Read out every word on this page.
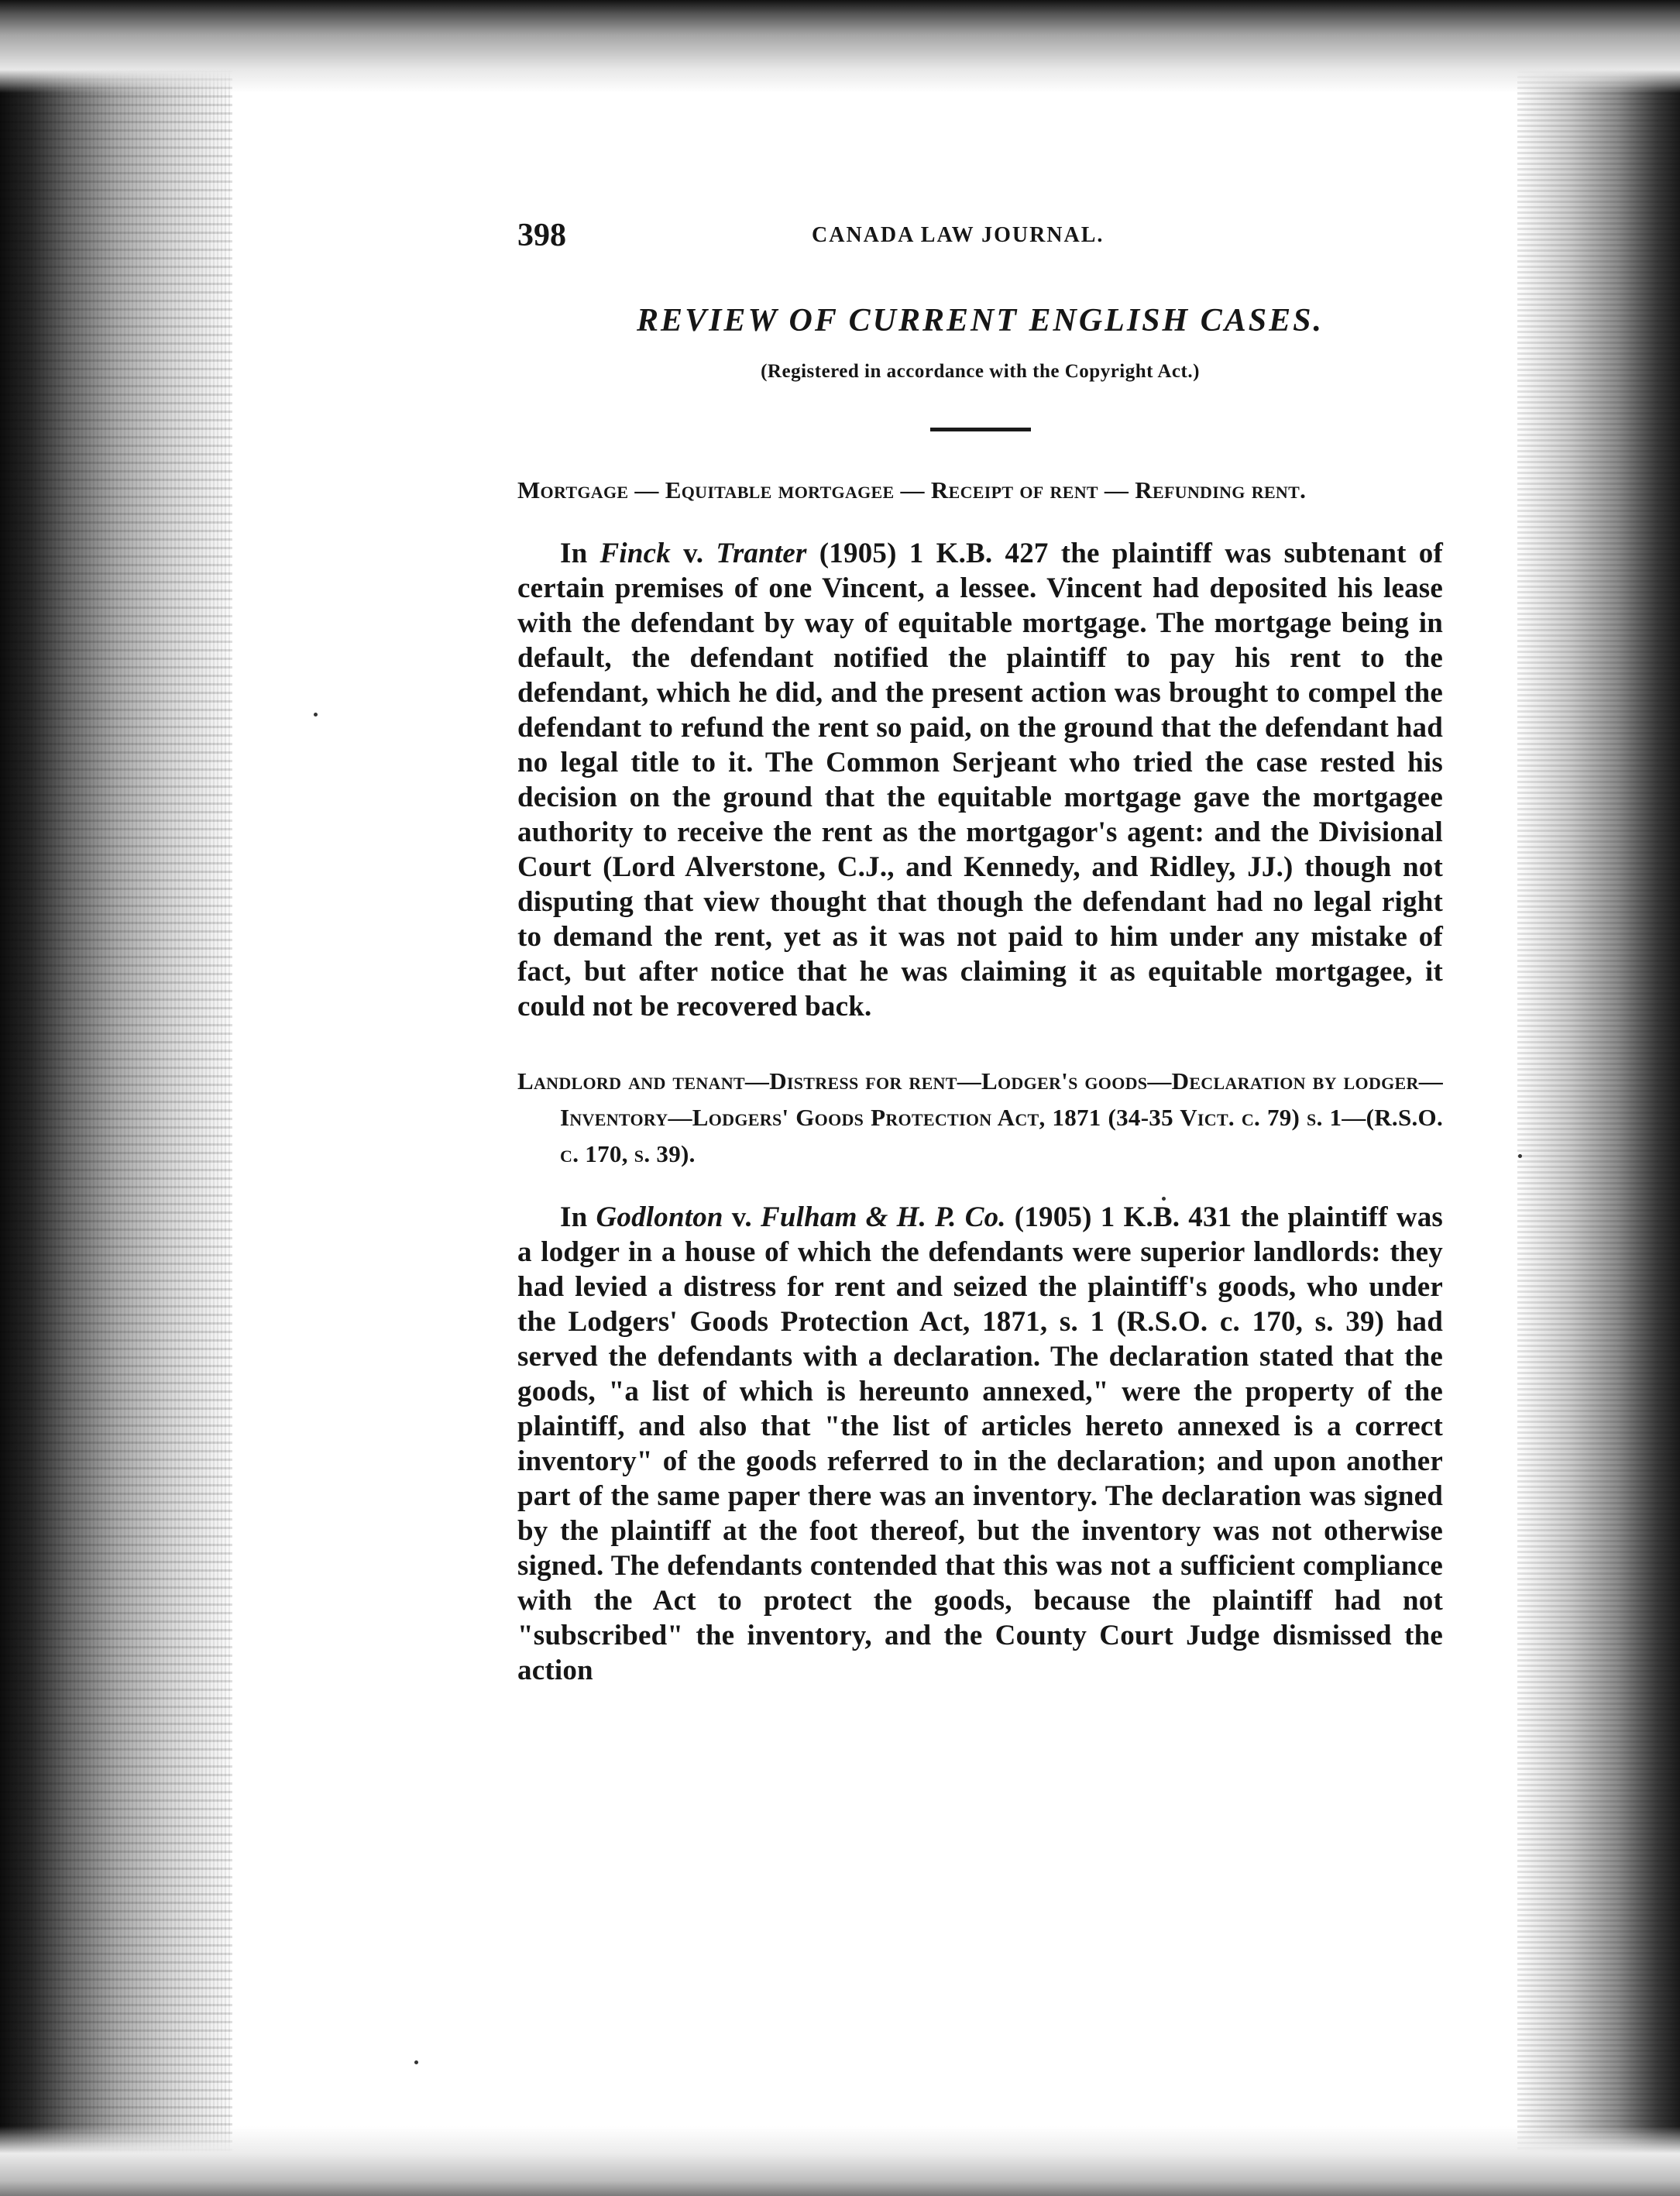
398	CANADA LAW JOURNAL.
REVIEW OF CURRENT ENGLISH CASES.
(Registered in accordance with the Copyright Act.)
Mortgage — Equitable mortgagee — Receipt of rent — Refunding rent.

In Finck v. Tranter (1905) 1 K.B. 427 the plaintiff was subtenant of certain premises of one Vincent, a lessee. Vincent had deposited his lease with the defendant by way of equitable mortgage. The mortgage being in default, the defendant notified the plaintiff to pay his rent to the defendant, which he did, and the present action was brought to compel the defendant to refund the rent so paid, on the ground that the defendant had no legal title to it. The Common Serjeant who tried the case rested his decision on the ground that the equitable mortgage gave the mortgagee authority to receive the rent as the mortgagor's agent: and the Divisional Court (Lord Alverstone, C.J., and Kennedy, and Ridley, JJ.) though not disputing that view thought that though the defendant had no legal right to demand the rent, yet as it was not paid to him under any mistake of fact, but after notice that he was claiming it as equitable mortgagee, it could not be recovered back.

Landlord and tenant—Distress for rent—Lodger's goods—Declaration by lodger—Inventory—Lodgers' Goods Protection Act, 1871 (34-35 Vict. c. 79) s. 1—(R.S.O. c. 170, s. 39).

In Godlonton v. Fulham & H. P. Co. (1905) 1 K.B. 431 the plaintiff was a lodger in a house of which the defendants were superior landlords: they had levied a distress for rent and seized the plaintiff's goods, who under the Lodgers' Goods Protection Act, 1871, s. 1 (R.S.O. c. 170, s. 39) had served the defendants with a declaration. The declaration stated that the goods, "a list of which is hereunto annexed," were the property of the plaintiff, and also that "the list of articles hereto annexed is a correct inventory" of the goods referred to in the declaration; and upon another part of the same paper there was an inventory. The declaration was signed by the plaintiff at the foot thereof, but the inventory was not otherwise signed. The defendants contended that this was not a sufficient compliance with the Act to protect the goods, because the plaintiff had not "subscribed" the inventory, and the County Court Judge dismissed the action
